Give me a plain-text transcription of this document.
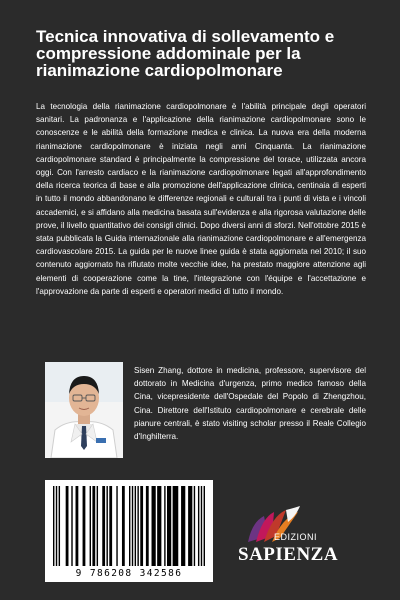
Tecnica innovativa di sollevamento e compressione addominale per la rianimazione cardiopolmonare

La tecnologia della rianimazione cardiopolmonare è l'abilità principale degli operatori sanitari. La padronanza e l'applicazione della rianimazione cardiopolmonare sono le conoscenze e le abilità della formazione medica e clinica. La nuova era della moderna rianimazione cardiopolmonare è iniziata negli anni Cinquanta. La rianimazione cardiopolmonare standard è principalmente la compressione del torace, utilizzata ancora oggi. Con l'arresto cardiaco e la rianimazione cardiopolmonare legati all'approfondimento della ricerca teorica di base e alla promozione dell'applicazione clinica, centinaia di esperti in tutto il mondo abbandonano le differenze regionali e culturali tra i punti di vista e i vincoli accademici, e si affidano alla medicina basata sull'evidenza e alla rigorosa valutazione delle prove, il livello quantitativo dei consigli clinici. Dopo diversi anni di sforzi. Nell'ottobre 2015 è stata pubblicata la Guida internazionale alla rianimazione cardiopolmonare e all'emergenza cardiovascolare 2015. La guida per le nuove linee guida è stata aggiornata nel 2010; il suo contenuto aggiornato ha rifiutato molte vecchie idee, ha prestato maggiore attenzione agli elementi di cooperazione come la tine, l'integrazione con l'équipe e l'accettazione e l'approvazione da parte di esperti e operatori medici di tutto il mondo.

Sisen Zhang, dottore in medicina, professore, supervisore del dottorato in Medicina d'urgenza, primo medico famoso della Cina, vicepresidente dell'Ospedale del Popolo di Zhengzhou, Cina. Direttore dell'Istituto cardiopolmonare e cerebrale delle pianure centrali, è stato visiting scholar presso il Reale Collegio d'Inghilterra.

9 786208 342586
EDIZIONI
SAPIENZA
